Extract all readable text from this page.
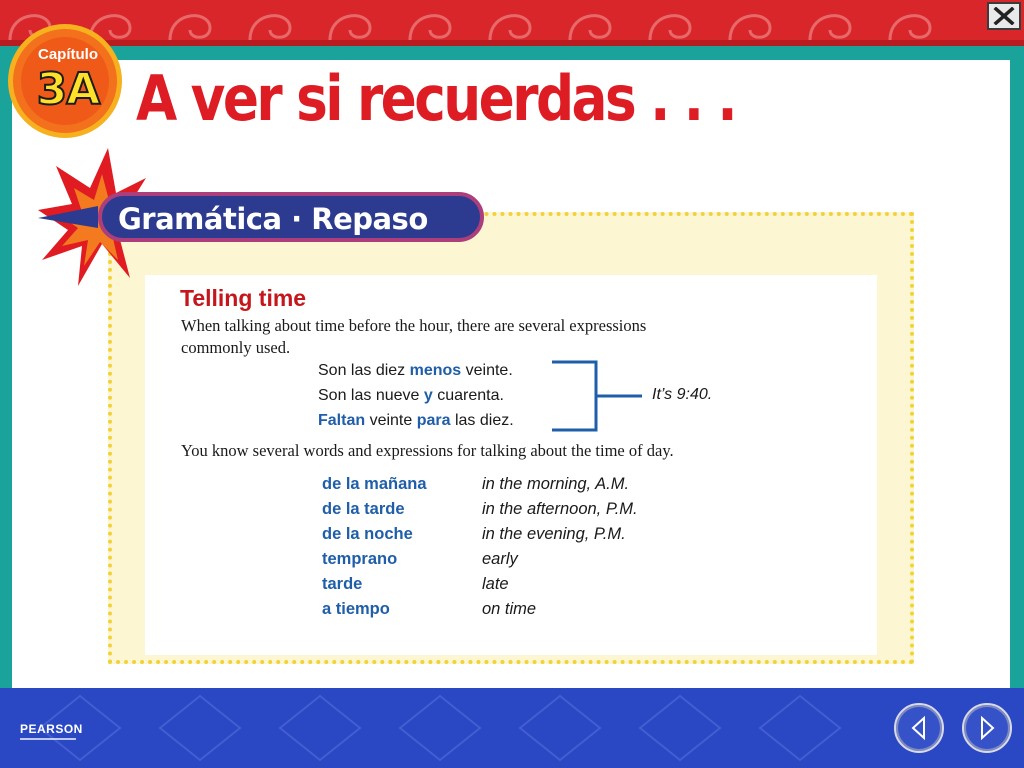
Capítulo
3A A ver si recuerdas . . .
Gramática · Repaso
Telling time
When talking about time before the hour, there are several expressions
commonly used.
Son las diez menos veinte.
Son las nueve y cuarenta.
Faltan veinte para las diez.
It’s 9:40.
You know several words and expressions for talking about the time of day.
de la mañana	in the morning, A.M.
de la tarde	in the afternoon, P.M.
de la noche	in the evening, P.M.
temprano	early
tarde	late
a tiempo	on time
PEARSON
